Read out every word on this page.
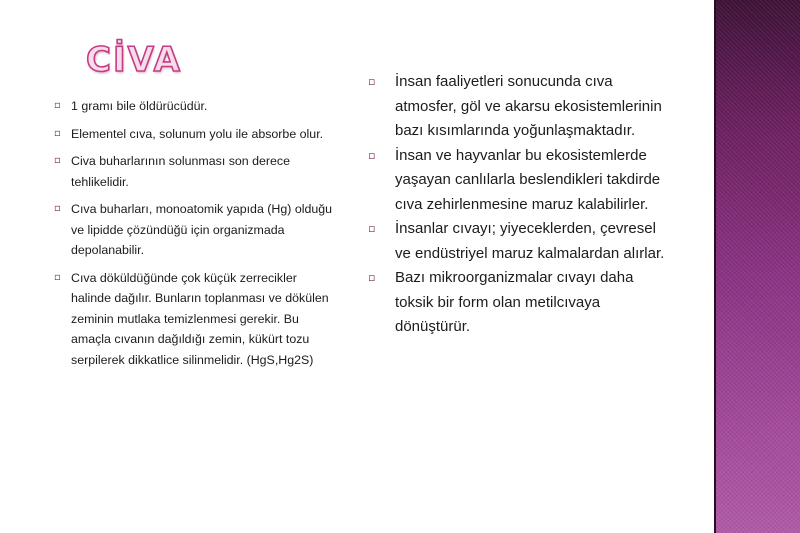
CİVA
▫ 1 gramı bile öldürücüdür.
▫ Elementel cıva, solunum yolu ile absorbe olur.
▫ Civa buharlarının solunması son derece tehlikelidir.
▫ Cıva buharları, monoatomik yapıda (Hg) olduğu ve lipidde çözündüğü için organizmada depolanabilir.
▫ Cıva döküldüğünde çok küçük zerrecikler halinde dağılır. Bunların toplanması ve dökülen zeminin mutlaka temizlenmesi gerekir. Bu amaçla cıvanın dağıldığı zemin, kükürt tozu serpilerek dikkatlice silinmelidir. (HgS,Hg2S)
▫ İnsan faaliyetleri sonucunda cıva atmosfer, göl ve akarsu ekosistemlerinin bazı kısımlarında yoğunlaşmaktadır.
▫ İnsan ve hayvanlar bu ekosistemlerde yaşayan canlılarla beslendikleri takdirde cıva zehirlenmesine maruz kalabilirler.
▫ İnsanlar cıvayı; yiyeceklerden, çevresel ve endüstriyel maruz kalmalardan alırlar.
▫ Bazı mikroorganizmalar cıvayı daha toksik bir form olan metilcıvaya dönüştürür.
